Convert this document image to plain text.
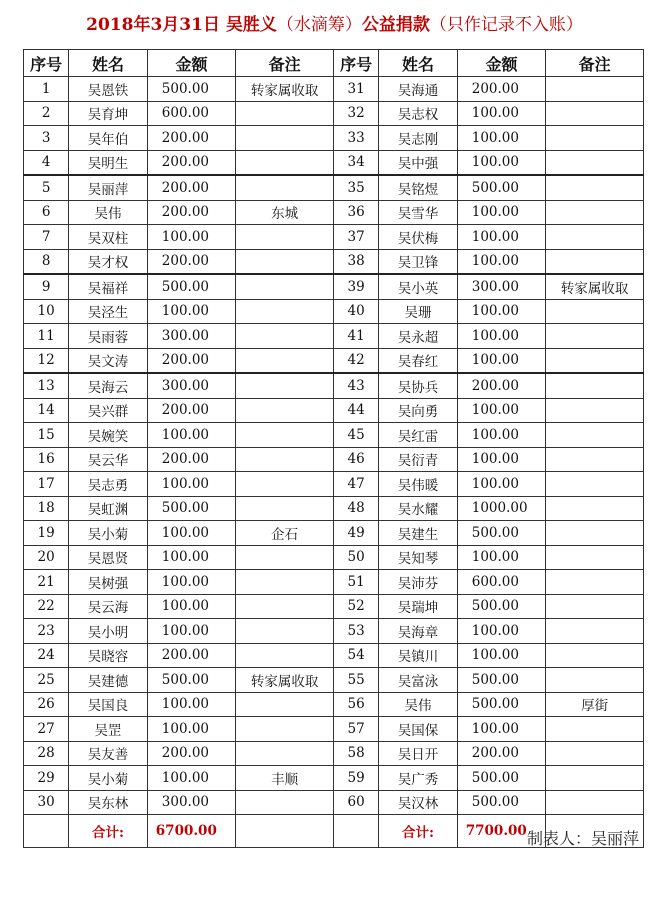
2018年3月31日 吴胜义（水滴筹）公益捐款（只作记录不入账）
序号	姓名	金额	备注	序号	姓名	金额	备注
1	吴恩铁	500.00	转家属收取	31	吴海通	200.00	
2	吴育坤	600.00		32	吴志权	100.00	
3	吴年伯	200.00		33	吴志刚	100.00	
4	吴明生	200.00		34	吴中强	100.00	
5	吴丽萍	200.00		35	吴铭煜	500.00	
6	吴伟	200.00	东城	36	吴雪华	100.00	
7	吴双柱	100.00		37	吴伏梅	100.00	
8	吴才权	200.00		38	吴卫锋	100.00	
9	吴福祥	500.00		39	吴小英	300.00	转家属收取
10	吴泾生	100.00		40	吴珊	100.00	
11	吴雨蓉	300.00		41	吴永超	100.00	
12	吴文涛	200.00		42	吴春红	100.00	
13	吴海云	300.00		43	吴协兵	200.00	
14	吴兴群	200.00		44	吴向勇	100.00	
15	吴婉笑	100.00		45	吴红雷	100.00	
16	吴云华	200.00		46	吴衍青	100.00	
17	吴志勇	100.00		47	吴伟暖	100.00	
18	吴虹渊	500.00		48	吴水耀	1000.00	
19	吴小菊	100.00	企石	49	吴建生	500.00	
20	吴恩贤	100.00		50	吴知琴	100.00	
21	吴树强	100.00		51	吴沛芬	600.00	
22	吴云海	100.00		52	吴瑞坤	500.00	
23	吴小明	100.00		53	吴海章	100.00	
24	吴晓容	200.00		54	吴镇川	100.00	
25	吴建德	500.00	转家属收取	55	吴富泳	500.00	
26	吴国良	100.00		56	吴伟	500.00	厚街
27	吴罡	100.00		57	吴国保	100.00	
28	吴友善	200.00		58	吴日开	200.00	
29	吴小菊	100.00	丰顺	59	吴广秀	500.00	
30	吴东林	300.00		60	吴汉林	500.00	
	合计:	6700.00			合计:	7700.00	制表人：吴丽萍
